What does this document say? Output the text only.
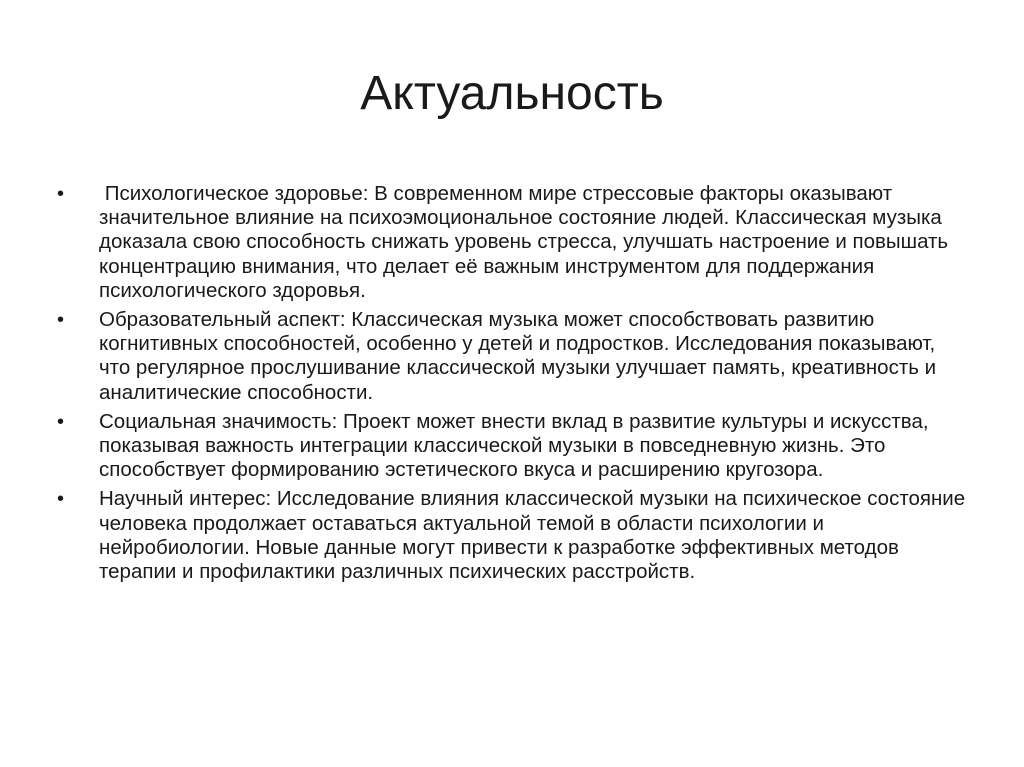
Актуальность
•	Психологическое здоровье: В современном мире стрессовые факторы оказывают значительное влияние на психоэмоциональное состояние людей. Классическая музыка доказала свою способность снижать уровень стресса, улучшать настроение и повышать концентрацию внимания, что делает её важным инструментом для поддержания психологического здоровья.
•	Образовательный аспект: Классическая музыка может способствовать развитию когнитивных способностей, особенно у детей и подростков. Исследования показывают, что регулярное прослушивание классической музыки улучшает память, креативность и аналитические способности.
•	Социальная значимость: Проект может внести вклад в развитие культуры и искусства, показывая важность интеграции классической музыки в повседневную жизнь. Это способствует формированию эстетического вкуса и расширению кругозора.
•	Научный интерес: Исследование влияния классической музыки на психическое состояние человека продолжает оставаться актуальной темой в области психологии и нейробиологии. Новые данные могут привести к разработке эффективных методов терапии и профилактики различных психических расстройств.
